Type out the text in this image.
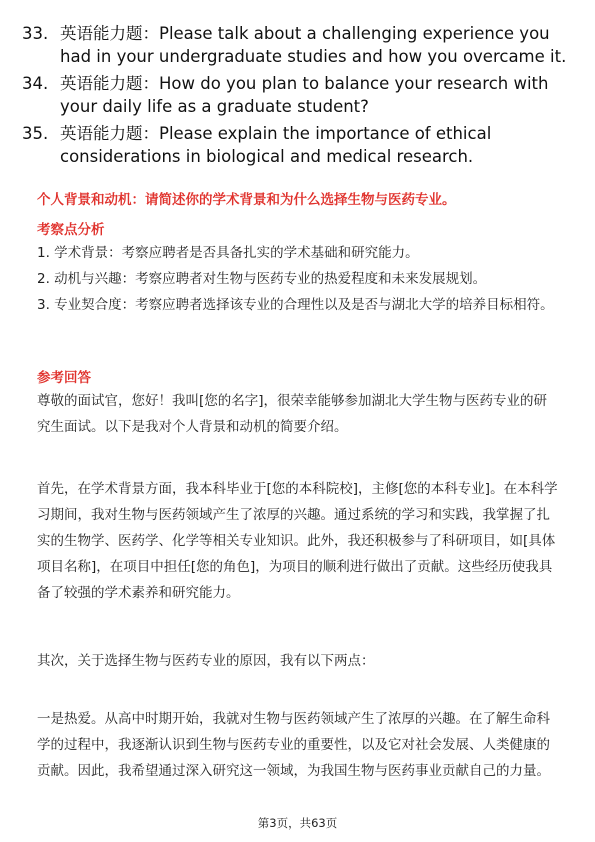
33. 英语能力题：Please talk about a challenging experience you had in your undergraduate studies and how you overcame it.
34. 英语能力题：How do you plan to balance your research with your daily life as a graduate student?
35. 英语能力题：Please explain the importance of ethical considerations in biological and medical research.
个人背景和动机：请简述你的学术背景和为什么选择生物与医药专业。
考察点分析
1. 学术背景：考察应聘者是否具备扎实的学术基础和研究能力。
2. 动机与兴趣：考察应聘者对生物与医药专业的热爱程度和未来发展规划。
3. 专业契合度：考察应聘者选择该专业的合理性以及是否与湖北大学的培养目标相符。
参考回答
尊敬的面试官，您好！我叫[您的名字]，很荣幸能够参加湖北大学生物与医药专业的研究生面试。以下是我对个人背景和动机的简要介绍。
首先，在学术背景方面，我本科毕业于[您的本科院校]，主修[您的本科专业]。在本科学习期间，我对生物与医药领域产生了浓厚的兴趣。通过系统的学习和实践，我掌握了扎实的生物学、医药学、化学等相关专业知识。此外，我还积极参与了科研项目，如[具体项目名称]，在项目中担任[您的角色]，为项目的顺利进行做出了贡献。这些经历使我具备了较强的学术素养和研究能力。
其次，关于选择生物与医药专业的原因，我有以下两点：
一是热爱。从高中时期开始，我就对生物与医药领域产生了浓厚的兴趣。在了解生命科学的过程中，我逐渐认识到生物与医药专业的重要性，以及它对社会发展、人类健康的贡献。因此，我希望通过深入研究这一领域，为我国生物与医药事业贡献自己的力量。
第3页，共63页
